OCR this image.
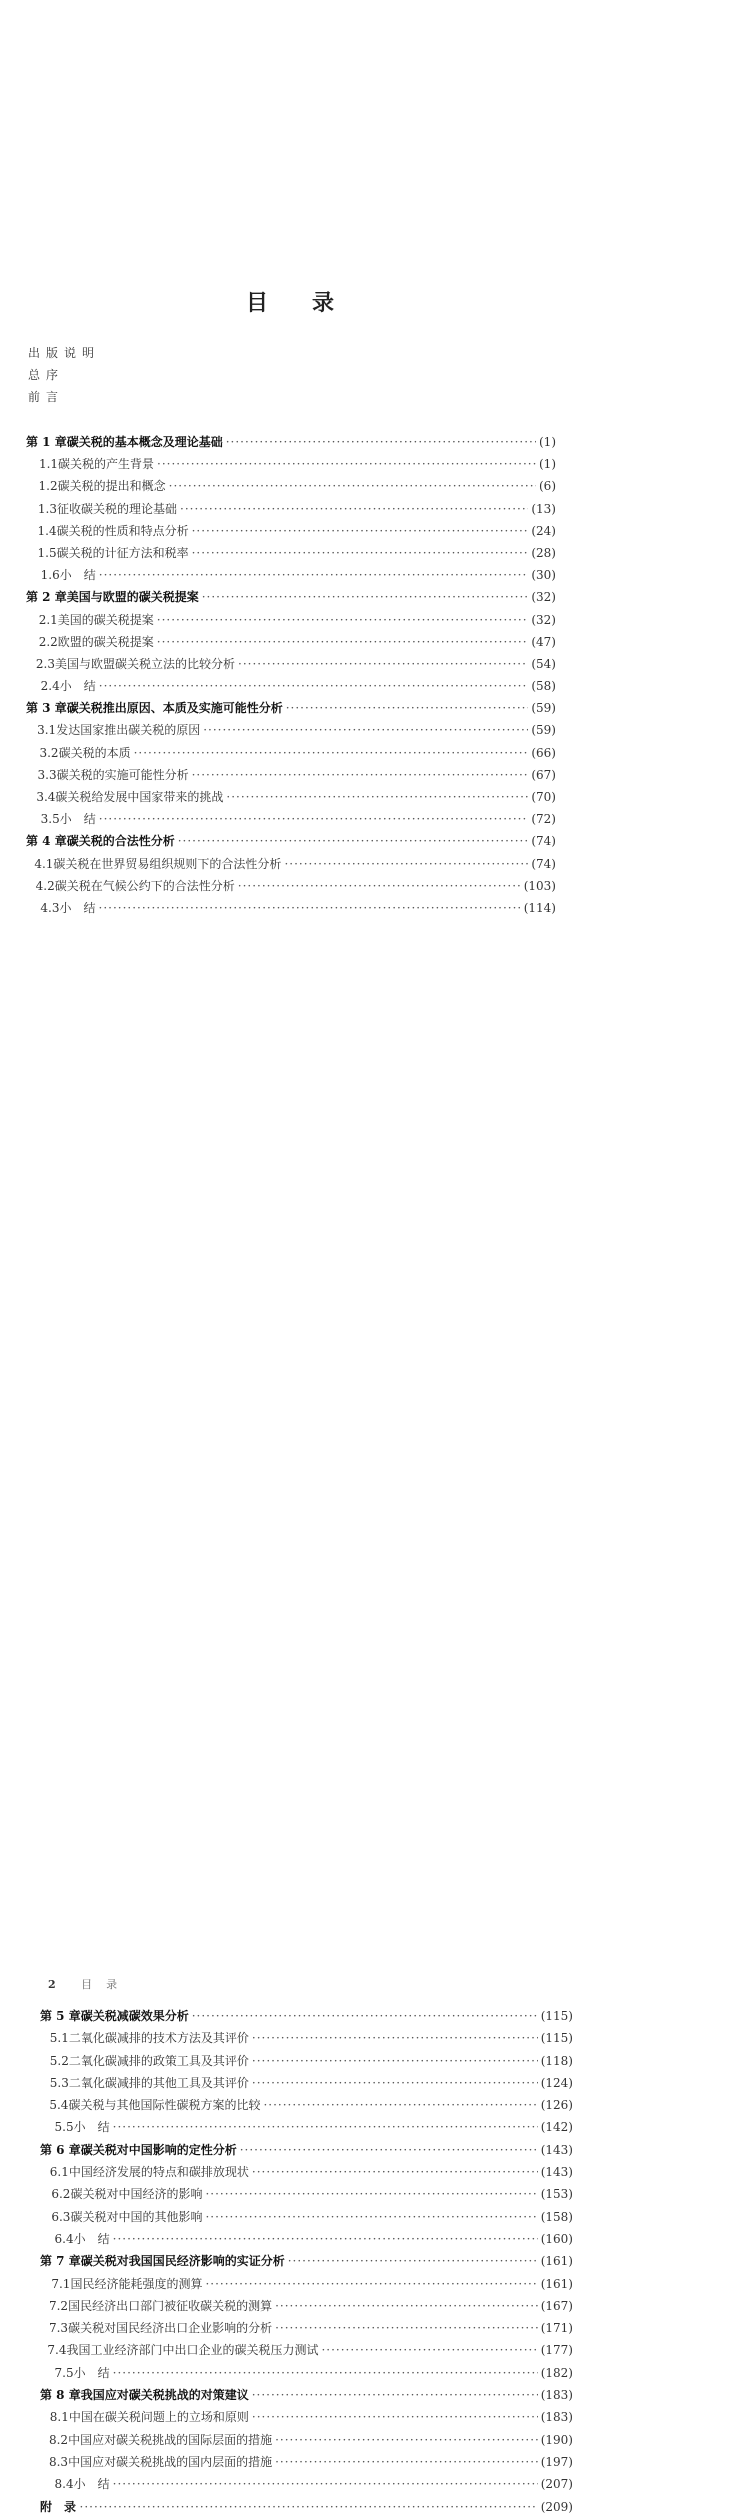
目录
出版说明
总序
前言
第 1 章 碳关税的基本概念及理论基础 ·····	(1)
1.1 碳关税的产生背景 ·····	(1)
1.2 碳关税的提出和概念 ·····	(6)
1.3 征收碳关税的理论基础 ·····	(13)
1.4 碳关税的性质和特点分析 ·····	(24)
1.5 碳关税的计征方法和税率 ·····	(28)
1.6 小　结 ·····	(30)
第 2 章 美国与欧盟的碳关税提案 ·····	(32)
2.1 美国的碳关税提案 ·····	(32)
2.2 欧盟的碳关税提案 ·····	(47)
2.3 美国与欧盟碳关税立法的比较分析 ·····	(54)
2.4 小　结 ·····	(58)
第 3 章 碳关税推出原因、本质及实施可能性分析 ·····	(59)
3.1 发达国家推出碳关税的原因 ·····	(59)
3.2 碳关税的本质 ·····	(66)
3.3 碳关税的实施可能性分析 ·····	(67)
3.4 碳关税给发展中国家带来的挑战 ·····	(70)
3.5 小　结 ·····	(72)
第 4 章 碳关税的合法性分析 ·····	(74)
4.1 碳关税在世界贸易组织规则下的合法性分析 ·····	(74)
4.2 碳关税在气候公约下的合法性分析 ·····	(103)
4.3 小　结 ·····	(114)
2 目录
第 5 章 碳关税减碳效果分析 ·····	(115)
5.1 二氧化碳减排的技术方法及其评价 ·····	(115)
5.2 二氧化碳减排的政策工具及其评价 ·····	(118)
5.3 二氧化碳减排的其他工具及其评价 ·····	(124)
5.4 碳关税与其他国际性碳税方案的比较 ·····	(126)
5.5 小　结 ·····	(142)
第 6 章 碳关税对中国影响的定性分析 ·····	(143)
6.1 中国经济发展的特点和碳排放现状 ·····	(143)
6.2 碳关税对中国经济的影响 ·····	(153)
6.3 碳关税对中国的其他影响 ·····	(158)
6.4 小　结 ·····	(160)
第 7 章 碳关税对我国国民经济影响的实证分析 ·····	(161)
7.1 国民经济能耗强度的测算 ·····	(161)
7.2 国民经济出口部门被征收碳关税的测算 ·····	(167)
7.3 碳关税对国民经济出口企业影响的分析 ·····	(171)
7.4 我国工业经济部门中出口企业的碳关税压力测试 ·····	(177)
7.5 小　结 ·····	(182)
第 8 章 我国应对碳关税挑战的对策建议 ·····	(183)
8.1 中国在碳关税问题上的立场和原则 ·····	(183)
8.2 中国应对碳关税挑战的国际层面的措施 ·····	(190)
8.3 中国应对碳关税挑战的国内层面的措施 ·····	(197)
8.4 小　结 ·····	(207)
附　录 ·····	(209)
